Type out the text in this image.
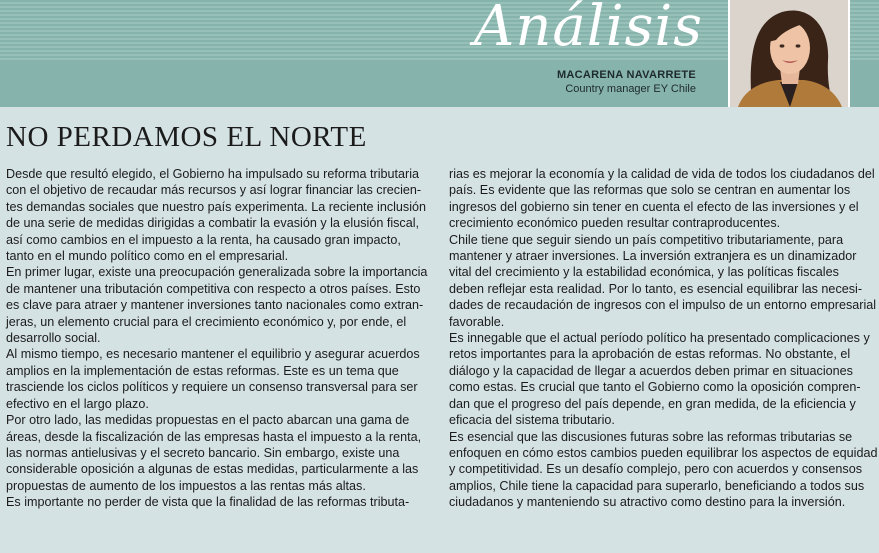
Análisis
MACARENA NAVARRETE
Country manager EY Chile
NO PERDAMOS EL NORTE
Desde que resultó elegido, el Gobierno ha impulsado su reforma tributaria
con el objetivo de recaudar más recursos y así lograr financiar las crecien-
tes demandas sociales que nuestro país experimenta. La reciente inclusión
de una serie de medidas dirigidas a combatir la evasión y la elusión fiscal,
así como cambios en el impuesto a la renta, ha causado gran impacto,
tanto en el mundo político como en el empresarial.
En primer lugar, existe una preocupación generalizada sobre la importancia
de mantener una tributación competitiva con respecto a otros países. Esto
es clave para atraer y mantener inversiones tanto nacionales como extran-
jeras, un elemento crucial para el crecimiento económico y, por ende, el
desarrollo social.
Al mismo tiempo, es necesario mantener el equilibrio y asegurar acuerdos
amplios en la implementación de estas reformas. Este es un tema que
trasciende los ciclos políticos y requiere un consenso transversal para ser
efectivo en el largo plazo.
Por otro lado, las medidas propuestas en el pacto abarcan una gama de
áreas, desde la fiscalización de las empresas hasta el impuesto a la renta,
las normas antielusivas y el secreto bancario. Sin embargo, existe una
considerable oposición a algunas de estas medidas, particularmente a las
propuestas de aumento de los impuestos a las rentas más altas.
Es importante no perder de vista que la finalidad de las reformas tributa-
rias es mejorar la economía y la calidad de vida de todos los ciudadanos del
país. Es evidente que las reformas que solo se centran en aumentar los
ingresos del gobierno sin tener en cuenta el efecto de las inversiones y el
crecimiento económico pueden resultar contraproducentes.
Chile tiene que seguir siendo un país competitivo tributariamente, para
mantener y atraer inversiones. La inversión extranjera es un dinamizador
vital del crecimiento y la estabilidad económica, y las políticas fiscales
deben reflejar esta realidad. Por lo tanto, es esencial equilibrar las necesi-
dades de recaudación de ingresos con el impulso de un entorno empresarial
favorable.
Es innegable que el actual período político ha presentado complicaciones y
retos importantes para la aprobación de estas reformas. No obstante, el
diálogo y la capacidad de llegar a acuerdos deben primar en situaciones
como estas. Es crucial que tanto el Gobierno como la oposición compren-
dan que el progreso del país depende, en gran medida, de la eficiencia y
eficacia del sistema tributario.
Es esencial que las discusiones futuras sobre las reformas tributarias se
enfoquen en cómo estos cambios pueden equilibrar los aspectos de equidad
y competitividad. Es un desafío complejo, pero con acuerdos y consensos
amplios, Chile tiene la capacidad para superarlo, beneficiando a todos sus
ciudadanos y manteniendo su atractivo como destino para la inversión.
